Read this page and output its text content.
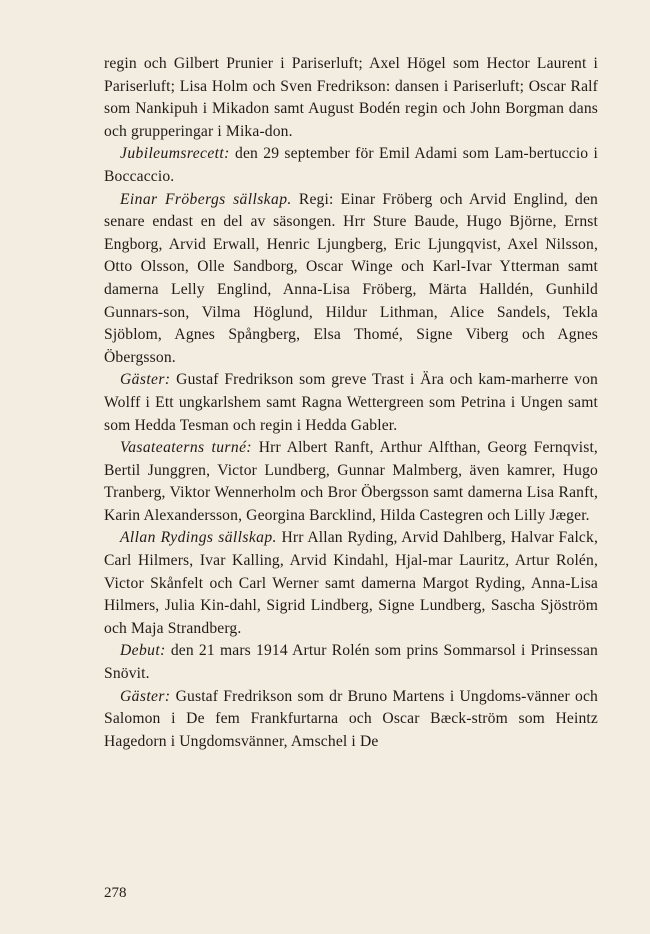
regin och Gilbert Prunier i Pariserluft; Axel Högel som Hector Laurent i Pariserluft; Lisa Holm och Sven Fredrikson: dansen i Pariserluft; Oscar Ralf som Nankipuh i Mikadon samt August Bodén regin och John Borgman dans och grupperingar i Mika-don.

Jubileumsrecett: den 29 september för Emil Adami som Lam-bertuccio i Boccaccio.

Einar Fröbergs sällskap. Regi: Einar Fröberg och Arvid Englind, den senare endast en del av säsongen. Hrr Sture Baude, Hugo Björne, Ernst Engborg, Arvid Erwall, Henric Ljungberg, Eric Ljungqvist, Axel Nilsson, Otto Olsson, Olle Sandborg, Oscar Winge och Karl-Ivar Ytterman samt damerna Lelly Englind, Anna-Lisa Fröberg, Märta Halldén, Gunhild Gunnars-son, Vilma Höglund, Hildur Lithman, Alice Sandels, Tekla Sjöblom, Agnes Spångberg, Elsa Thomé, Signe Viberg och Agnes Öbergsson.

Gäster: Gustaf Fredrikson som greve Trast i Ära och kam-marherre von Wolff i Ett ungkarlshem samt Ragna Wettergreen som Petrina i Ungen samt som Hedda Tesman och regin i Hedda Gabler.

Vasateaterns turné: Hrr Albert Ranft, Arthur Alfthan, Georg Fernqvist, Bertil Junggren, Victor Lundberg, Gunnar Malmberg, även kamrer, Hugo Tranberg, Viktor Wennerholm och Bror Öbergsson samt damerna Lisa Ranft, Karin Alexandersson, Georgina Barcklind, Hilda Castegren och Lilly Jæger.

Allan Rydings sällskap. Hrr Allan Ryding, Arvid Dahlberg, Halvar Falck, Carl Hilmers, Ivar Kalling, Arvid Kindahl, Hjal-mar Lauritz, Artur Rolén, Victor Skånfelt och Carl Werner samt damerna Margot Ryding, Anna-Lisa Hilmers, Julia Kin-dahl, Sigrid Lindberg, Signe Lundberg, Sascha Sjöström och Maja Strandberg.

Debut: den 21 mars 1914 Artur Rolén som prins Sommarsol i Prinsessan Snövit.

Gäster: Gustaf Fredrikson som dr Bruno Martens i Ungdoms-vänner och Salomon i De fem Frankfurtarna och Oscar Bæck-ström som Heintz Hagedorn i Ungdomsvänner, Amschel i De

278
